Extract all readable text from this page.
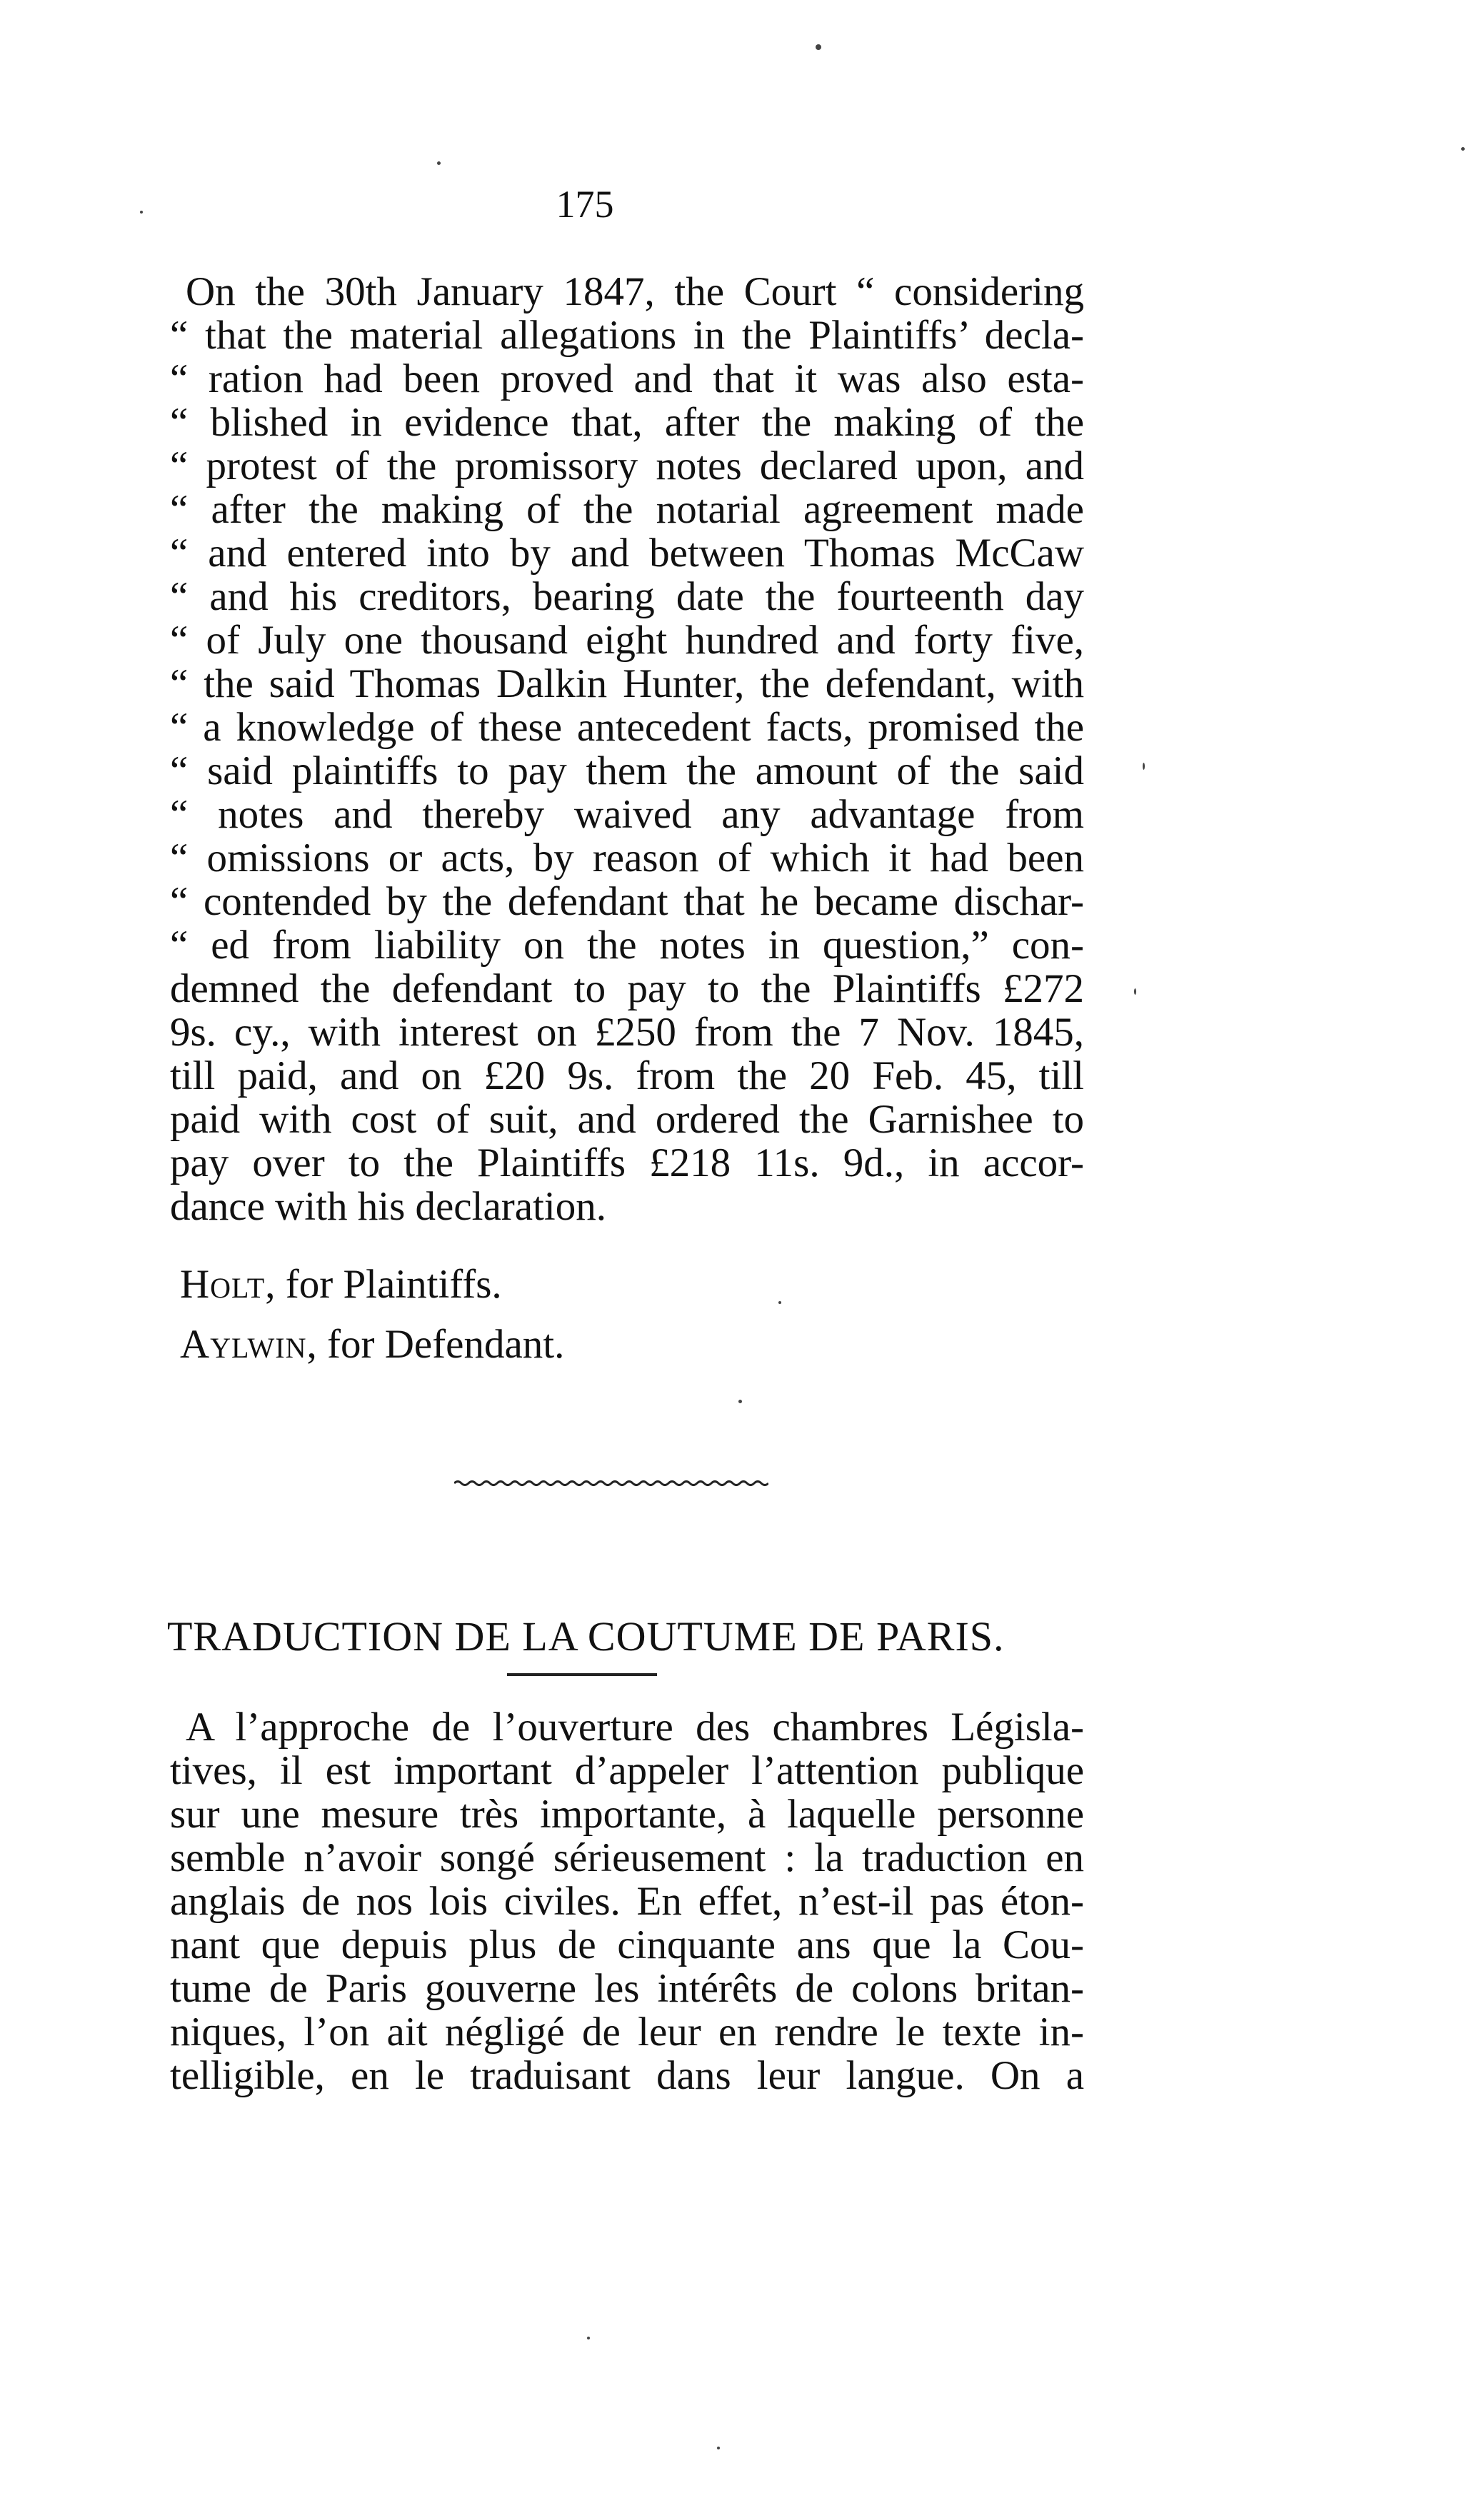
175
On the 30th January 1847, the Court “ considering
“ that the material allegations in the Plaintiffs’ decla-
“ ration had been proved and that it was also esta-
“ blished in evidence that, after the making of the
“ protest of the promissory notes declared upon, and
“ after the making of the notarial agreement made
“ and entered into by and between Thomas McCaw
“ and his creditors, bearing date the fourteenth day
“ of July one thousand eight hundred and forty five,
“ the said Thomas Dalkin Hunter, the defendant, with
“ a knowledge of these antecedent facts, promised the
“ said plaintiffs to pay them the amount of the said
“ notes and thereby waived any advantage from
“ omissions or acts, by reason of which it had been
“ contended by the defendant that he became dischar-
“ ed from liability on the notes in question,” con-
demned the defendant to pay to the Plaintiffs £272
9s. cy., with interest on £250 from the 7 Nov. 1845,
till paid, and on £20 9s. from the 20 Feb. 45, till
paid with cost of suit, and ordered the Garnishee to
pay over to the Plaintiffs £218 11s. 9d., in accor-
dance with his declaration.
Holt, for Plaintiffs.
Aylwin, for Defendant.
TRADUCTION DE LA COUTUME DE PARIS.
A l’approche de l’ouverture des chambres Législa-
tives, il est important d’appeler l’attention publique
sur une mesure très importante, à laquelle personne
semble n’avoir songé sérieusement : la traduction en
anglais de nos lois civiles. En effet, n’est-il pas éton-
nant que depuis plus de cinquante ans que la Cou-
tume de Paris gouverne les intérêts de colons britan-
niques, l’on ait négligé de leur en rendre le texte in-
telligible, en le traduisant dans leur langue. On a
